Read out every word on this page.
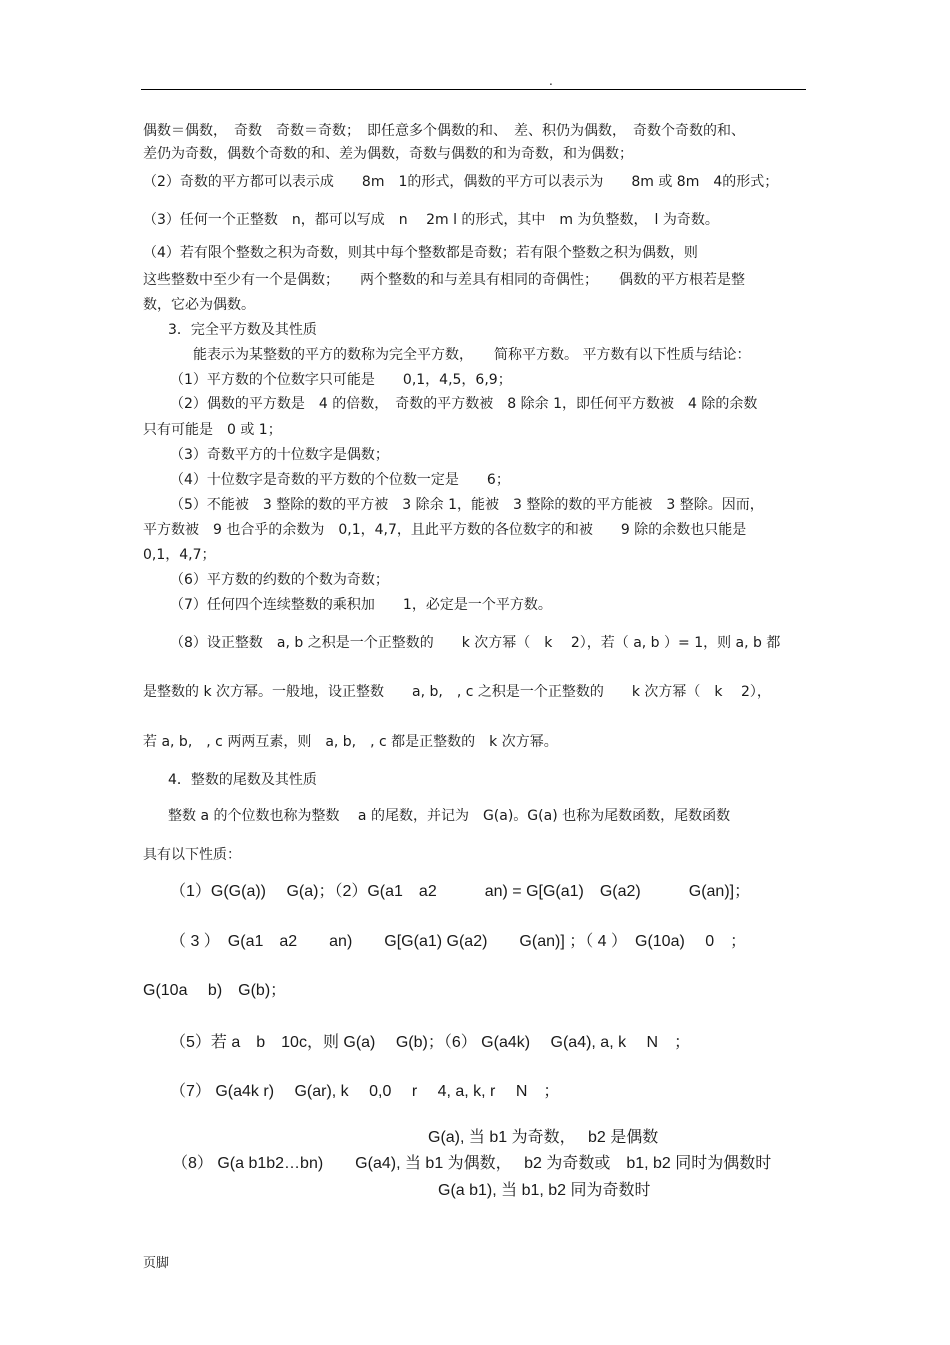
.
偶数＝偶数，　奇数　奇数＝奇数；　即任意多个偶数的和、　差、积仍为偶数，　奇数个奇数的和、
差仍为奇数，偶数个奇数的和、差为偶数，奇数与偶数的和为奇数，和为偶数；
（2）奇数的平方都可以表示成　　8m　1的形式，偶数的平方可以表示为　　8m 或 8m　4的形式；
（3）任何一个正整数　n，都可以写成　n　 2m l 的形式，其中　m 为负整数，　l 为奇数。
（4）若有限个整数之积为奇数，则其中每个整数都是奇数；若有限个整数之积为偶数，则
这些整数中至少有一个是偶数；　　两个整数的和与差具有相同的奇偶性；　　偶数的平方根若是整
数，它必为偶数。
3．完全平方数及其性质
能表示为某整数的平方的数称为完全平方数，　　简称平方数。 平方数有以下性质与结论：
（1）平方数的个位数字只可能是　　0,1，4,5，6,9；
（2）偶数的平方数是　4 的倍数，　奇数的平方数被　8 除余 1，即任何平方数被　4 除的余数
只有可能是　0 或 1；
（3）奇数平方的十位数字是偶数；
（4）十位数字是奇数的平方数的个位数一定是　　6；
（5）不能被　3 整除的数的平方被　3 除余 1，能被　3 整除的数的平方能被　3 整除。因而，
平方数被　9 也合乎的余数为　0,1，4,7，且此平方数的各位数字的和被　　9 除的余数也只能是
0,1，4,7；
（6）平方数的约数的个数为奇数；
（7）任何四个连续整数的乘积加　　1，必定是一个平方数。
（8）设正整数　a, b 之积是一个正整数的　　k 次方幂（　k　 2），若（ a, b ）= 1，则 a, b 都
是整数的 k 次方幂。一般地，设正整数　　a, b,　, c 之积是一个正整数的　　k 次方幂（　k　 2），
若 a, b,　, c 两两互素，则　a, b,　, c 都是正整数的　k 次方幂。
4．整数的尾数及其性质
整数 a 的个位数也称为整数　 a 的尾数，并记为　G(a)。G(a) 也称为尾数函数，尾数函数
具有以下性质：
（1）G(G(a))　 G(a)；（2）G(a1　a2　　　an) = G[G(a1)　G(a2)　　　G(an)]；
（ 3 ）　G(a1　a2　　an)　　G[G(a1) G(a2)　　G(an)] ；（ 4 ）　G(10a)　 0　；
G(10a　 b)　G(b)；
（5）若 a　b　10c，则 G(a)　 G(b)；（6） G(a4k)　 G(a4), a, k　 N　；
（7） G(a4k r)　 G(ar), k　 0,0　 r　 4, a, k, r　 N　；
G(a), 当 b1 为奇数，　 b2 是偶数
（8） G(a b1b2…bn)　　G(a4), 当 b1 为偶数，　 b2 为奇数或　b1, b2 同时为偶数时
G(a b1), 当 b1, b2 同为奇数时
页脚
